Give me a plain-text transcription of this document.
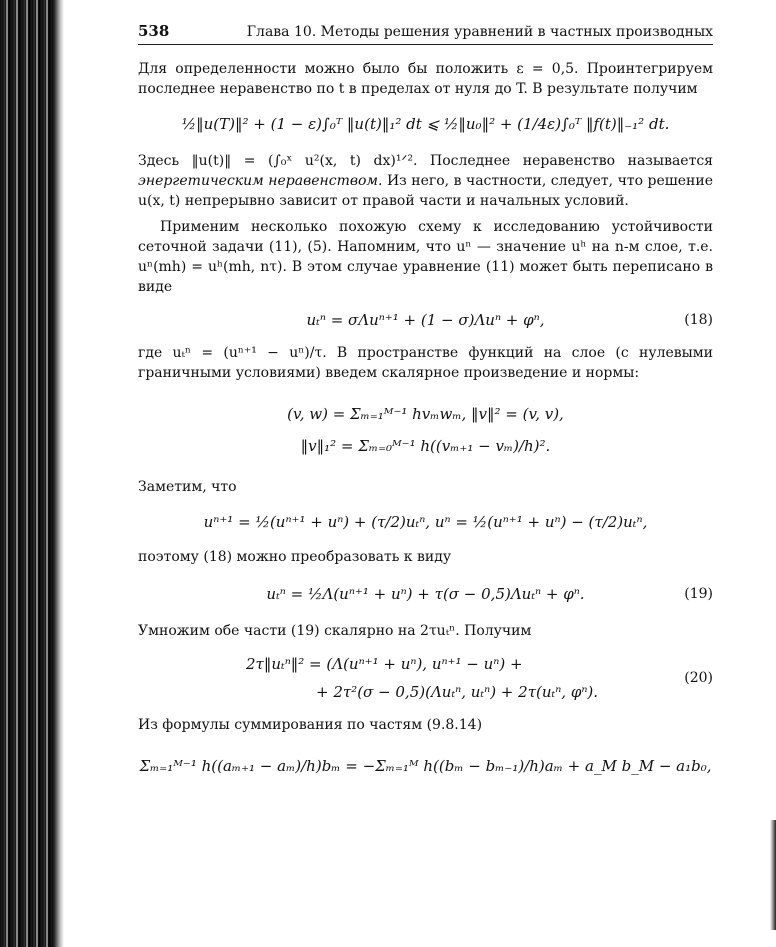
538	Глава 10. Методы решения уравнений в частных производных

Для определенности можно было бы положить ε = 0,5. Проинтегрируем последнее неравенство по t в пределах от нуля до T. В результате получим

½‖u(T)‖² + (1 − ε)∫₀ᵀ ‖u(t)‖₁² dt ⩽ ½‖u₀‖² + (1/4ε)∫₀ᵀ ‖f(t)‖₋₁² dt.

Здесь ‖u(t)‖ = (∫₀ˣ u²(x, t) dx)¹ᐟ². Последнее неравенство называется энергетическим неравенством. Из него, в частности, следует, что решение u(x, t) непрерывно зависит от правой части и начальных условий.

Применим несколько похожую схему к исследованию устойчивости сеточной задачи (11), (5). Напомним, что uⁿ — значение uʰ на n-м слое, т.е. uⁿ(mh) = uʰ(mh, nτ). В этом случае уравнение (11) может быть переписано в виде

uₜⁿ = σΛuⁿ⁺¹ + (1 − σ)Λuⁿ + φⁿ,	(18)

где uₜⁿ = (uⁿ⁺¹ − uⁿ)/τ. В пространстве функций на слое (с нулевыми граничными условиями) введем скалярное произведение и нормы:

(v, w) = Σₘ₌₁ᴹ⁻¹ hvₘwₘ, ‖v‖² = (v, v),
‖v‖₁² = Σₘ₌₀ᴹ⁻¹ h((vₘ₊₁ − vₘ)/h)².

Заметим, что

uⁿ⁺¹ = ½(uⁿ⁺¹ + uⁿ) + (τ/2)uₜⁿ, uⁿ = ½(uⁿ⁺¹ + uⁿ) − (τ/2)uₜⁿ,

поэтому (18) можно преобразовать к виду

uₜⁿ = ½Λ(uⁿ⁺¹ + uⁿ) + τ(σ − 0,5)Λuₜⁿ + φⁿ.	(19)

Умножим обе части (19) скалярно на 2τuₜⁿ. Получим

2τ‖uₜⁿ‖² = (Λ(uⁿ⁺¹ + uⁿ), uⁿ⁺¹ − uⁿ) +
+ 2τ²(σ − 0,5)(Λuₜⁿ, uₜⁿ) + 2τ(uₜⁿ, φⁿ).
(20)

Из формулы суммирования по частям (9.8.14)

Σₘ₌₁ᴹ⁻¹ h((aₘ₊₁ − aₘ)/h)bₘ = −Σₘ₌₁ᴹ h((bₘ − bₘ₋₁)/h)aₘ + a_M b_M − a₁b₀,
